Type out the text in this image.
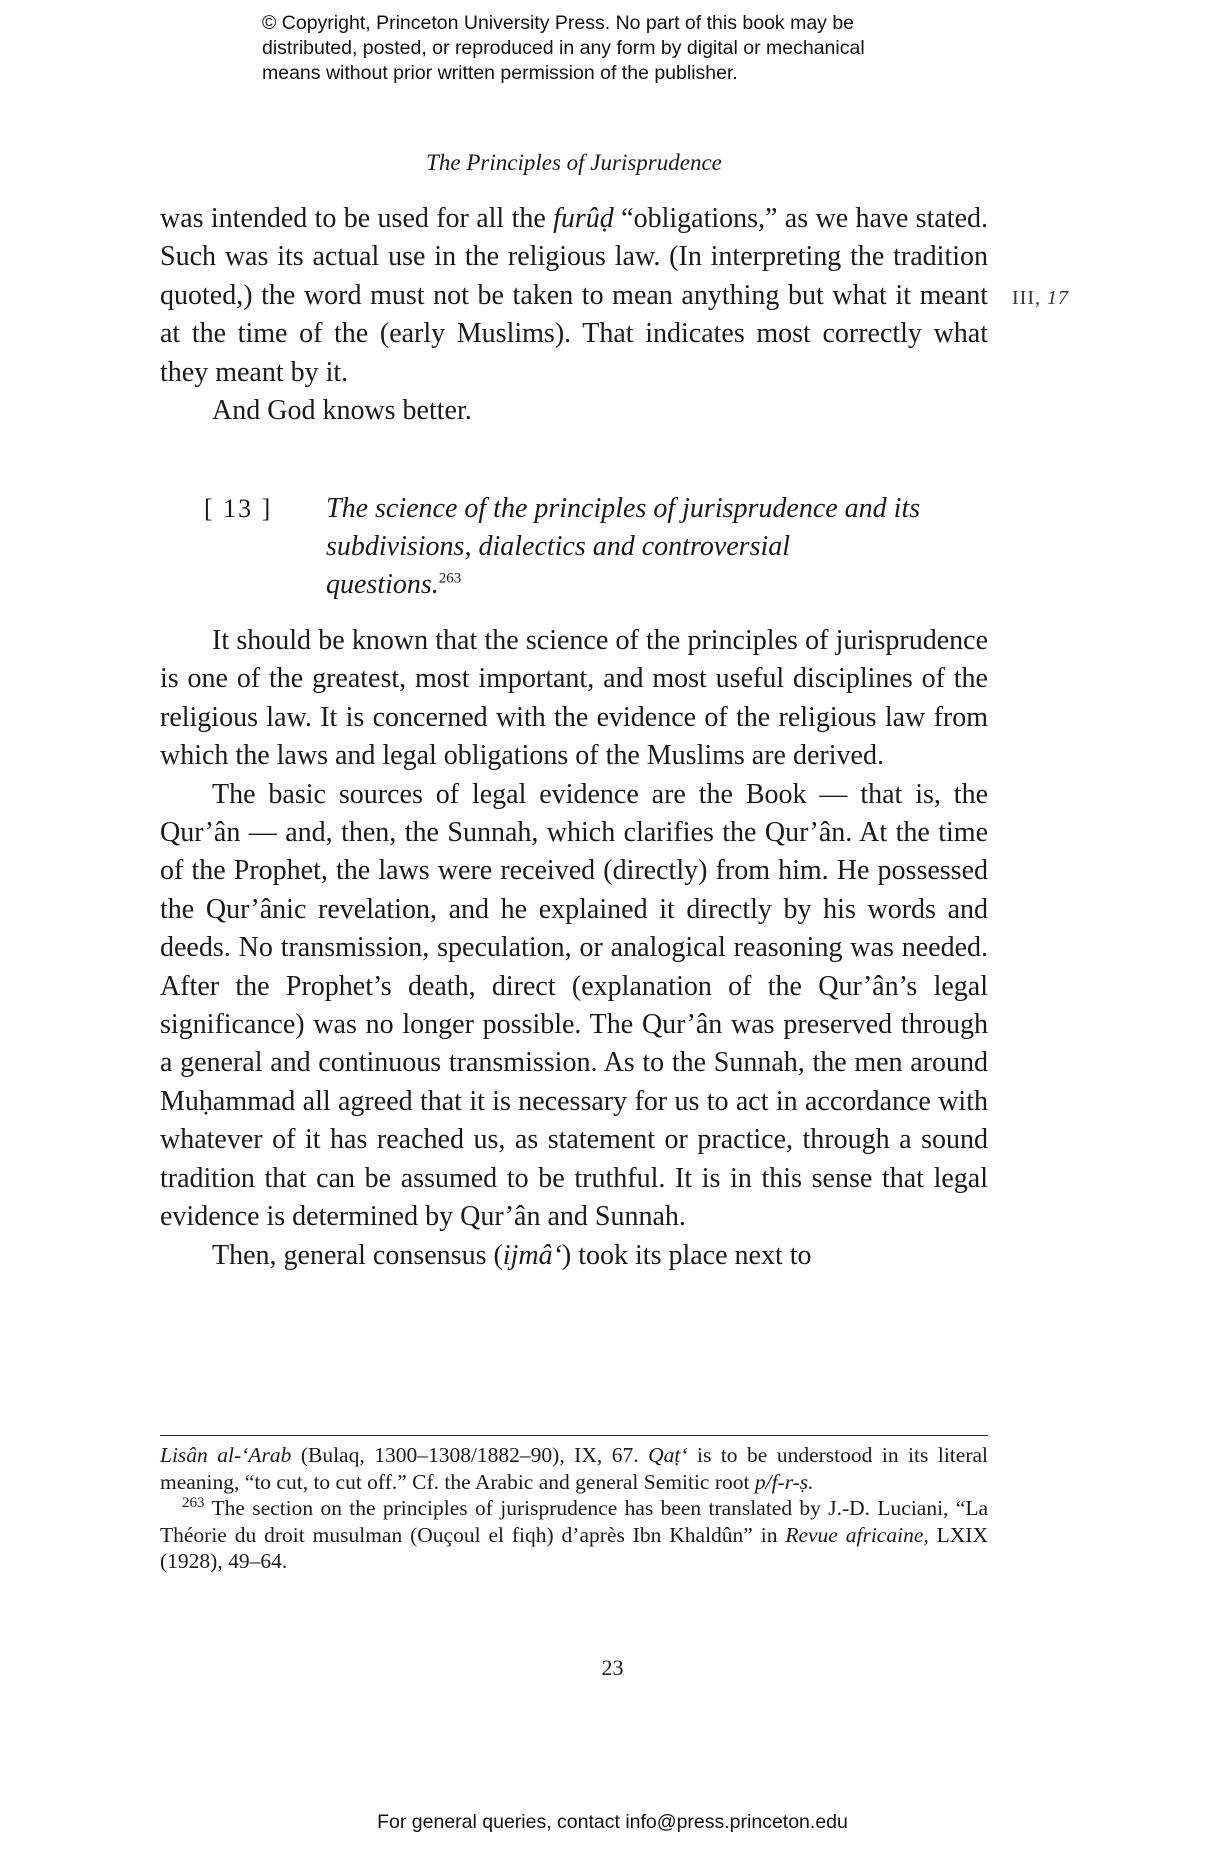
© Copyright, Princeton University Press. No part of this book may be
distributed, posted, or reproduced in any form by digital or mechanical
means without prior written permission of the publisher.
The Principles of Jurisprudence
III, 17

was intended to be used for all the furûḍ “obligations,” as we have stated. Such was its actual use in the religious law. (In interpreting the tradition quoted,) the word must not be taken to mean anything but what it meant at the time of the (early Muslims). That indicates most correctly what they meant by it.

And God knows better.

[ 13 ] The science of the principles of jurisprudence and its subdivisions, dialectics and controversial questions.$^{263}$

It should be known that the science of the principles of jurisprudence is one of the greatest, most important, and most useful disciplines of the religious law. It is concerned with the evidence of the religious law from which the laws and legal obligations of the Muslims are derived.

The basic sources of legal evidence are the Book — that is, the Qur’ân — and, then, the Sunnah, which clarifies the Qur’ân. At the time of the Prophet, the laws were received (directly) from him. He possessed the Qur’ânic revelation, and he explained it directly by his words and deeds. No transmission, speculation, or analogical reasoning was needed. After the Prophet’s death, direct (explanation of the Qur’ân’s legal significance) was no longer possible. The Qur’ân was preserved through a general and continuous transmission. As to the Sunnah, the men around Muḥammad all agreed that it is necessary for us to act in accordance with whatever of it has reached us, as statement or practice, through a sound tradition that can be assumed to be truthful. It is in this sense that legal evidence is determined by Qur’ân and Sunnah.

Then, general consensus (ijmâʻ) took its place next to

Lisân al-ʻArab (Bulaq, 1300–1308/1882–90), IX, 67. Qaṭʻ is to be understood in its literal meaning, “to cut, to cut off.” Cf. the Arabic and general Semitic root p/f-r-ṣ.

$^{263}$ The section on the principles of jurisprudence has been translated by J.-D. Luciani, “La Théorie du droit musulman (Ouçoul el fiqh) d’après Ibn Khaldûn” in Revue africaine, LXIX (1928), 49–64.

23
For general queries, contact info@press.princeton.edu
